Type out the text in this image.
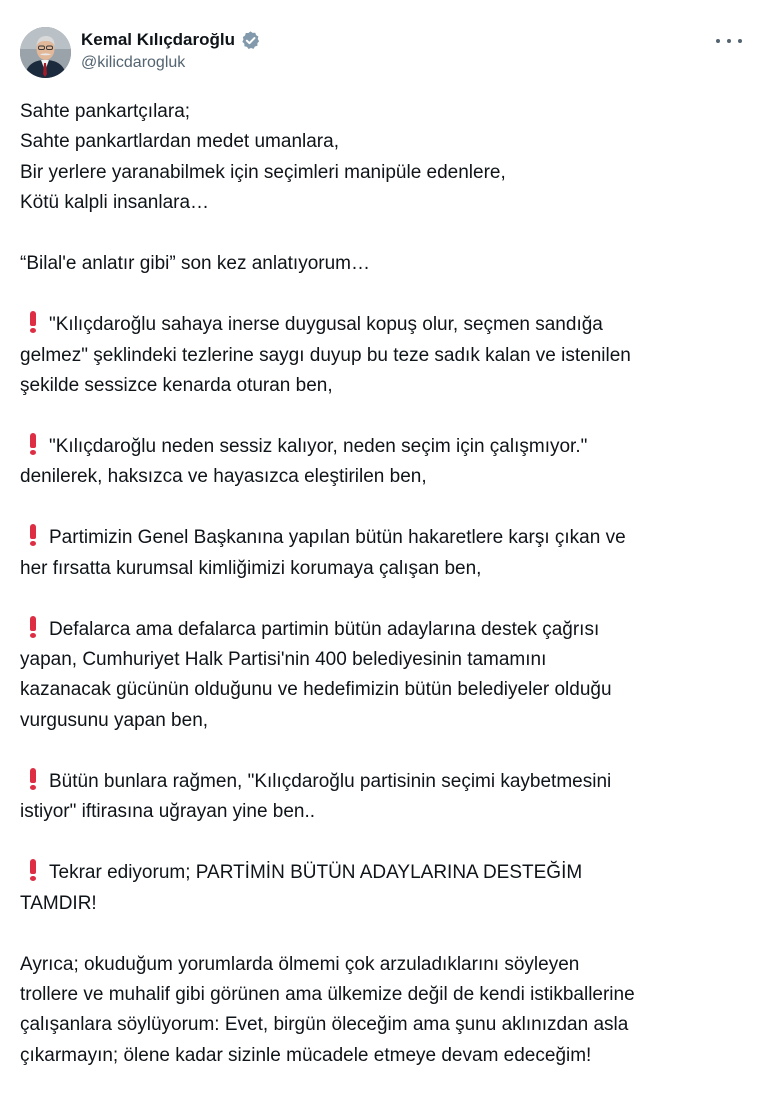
Kemal Kılıçdaroğlu
@kilicdarogluk
Sahte pankartçılara;
Sahte pankartlardan medet umanlara,
Bir yerlere yaranabilmek için seçimleri manipüle edenlere,
Kötü kalpli insanlara…
“Bilal'e anlatır gibi” son kez anlatıyorum…
"Kılıçdaroğlu sahaya inerse duygusal kopuş olur, seçmen sandığa
gelmez" şeklindeki tezlerine saygı duyup bu teze sadık kalan ve istenilen
şekilde sessizce kenarda oturan ben,
"Kılıçdaroğlu neden sessiz kalıyor, neden seçim için çalışmıyor."
denilerek, haksızca ve hayasızca eleştirilen ben,
Partimizin Genel Başkanına yapılan bütün hakaretlere karşı çıkan ve
her fırsatta kurumsal kimliğimizi korumaya çalışan ben,
Defalarca ama defalarca partimin bütün adaylarına destek çağrısı
yapan, Cumhuriyet Halk Partisi'nin 400 belediyesinin tamamını
kazanacak gücünün olduğunu ve hedefimizin bütün belediyeler olduğu
vurgusunu yapan ben,
Bütün bunlara rağmen, "Kılıçdaroğlu partisinin seçimi kaybetmesini
istiyor" iftirasına uğrayan yine ben..
Tekrar ediyorum; PARTİMİN BÜTÜN ADAYLARINA DESTEĞİM
TAMDIR!
Ayrıca; okuduğum yorumlarda ölmemi çok arzuladıklarını söyleyen
trollere ve muhalif gibi görünen ama ülkemize değil de kendi istikballerine
çalışanlara söylüyorum: Evet, birgün öleceğim ama şunu aklınızdan asla
çıkarmayın; ölene kadar sizinle mücadele etmeye devam edeceğim!
